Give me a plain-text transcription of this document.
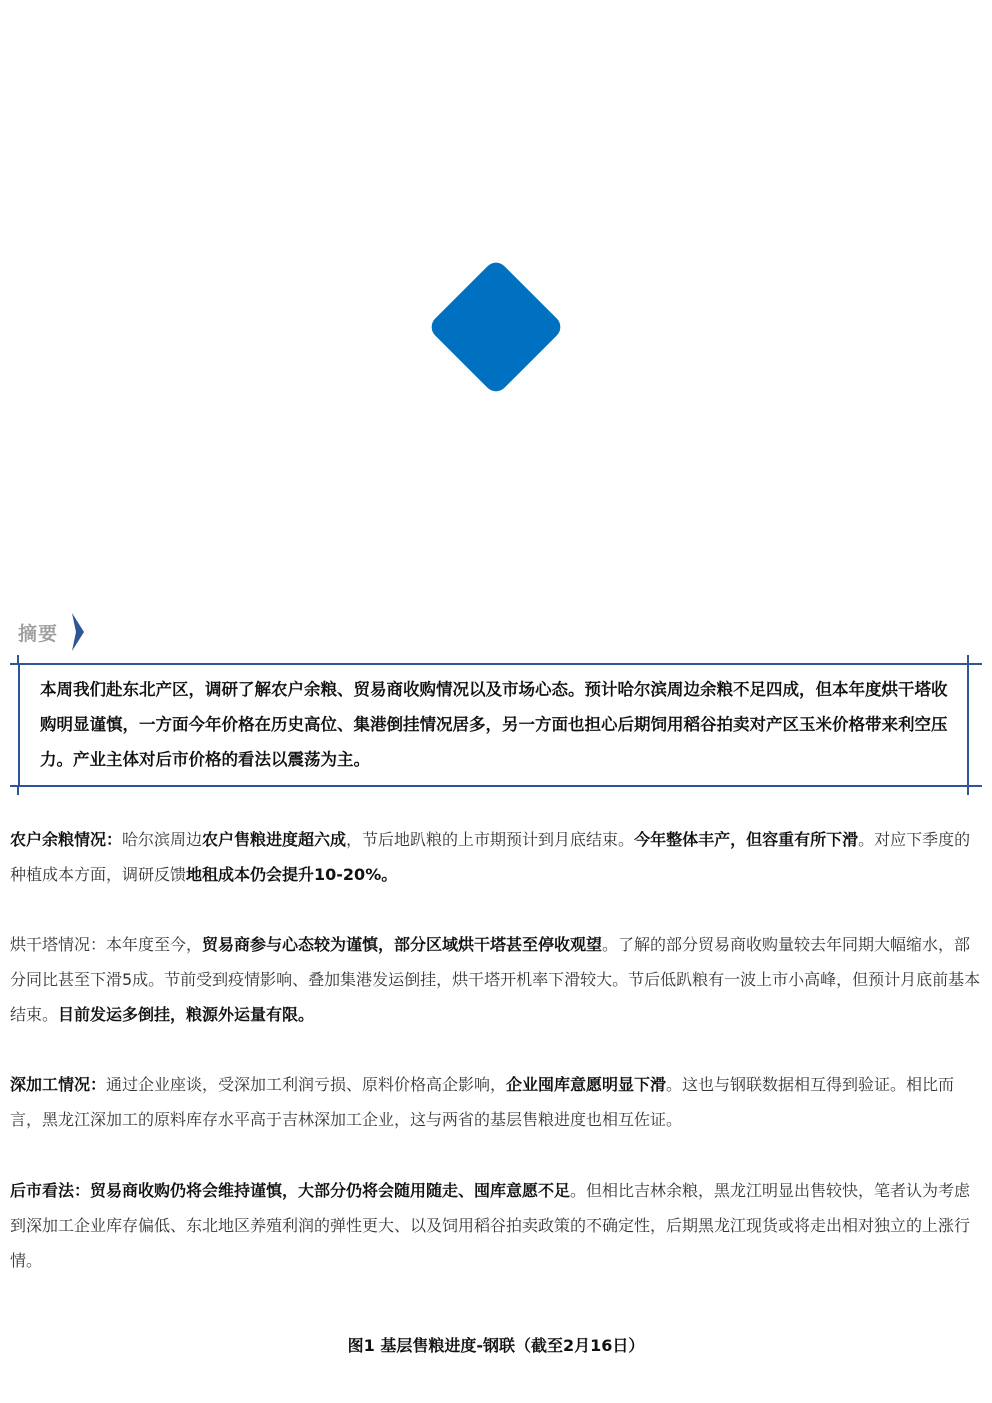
摘要

本周我们赴东北产区，调研了解农户余粮、贸易商收购情况以及市场心态。预计哈尔滨周边余粮不足四成，但本年度烘干塔收购明显谨慎，一方面今年价格在历史高位、集港倒挂情况居多，另一方面也担心后期饲用稻谷拍卖对产区玉米价格带来利空压力。产业主体对后市价格的看法以震荡为主。

农户余粮情况：哈尔滨周边农户售粮进度超六成，节后地趴粮的上市期预计到月底结束。今年整体丰产，但容重有所下滑。对应下季度的种植成本方面，调研反馈地租成本仍会提升10-20%。

烘干塔情况：本年度至今，贸易商参与心态较为谨慎，部分区域烘干塔甚至停收观望。了解的部分贸易商收购量较去年同期大幅缩水，部分同比甚至下滑5成。节前受到疫情影响、叠加集港发运倒挂，烘干塔开机率下滑较大。节后低趴粮有一波上市小高峰，但预计月底前基本结束。目前发运多倒挂，粮源外运量有限。

深加工情况：通过企业座谈，受深加工利润亏损、原料价格高企影响，企业囤库意愿明显下滑。这也与钢联数据相互得到验证。相比而言，黑龙江深加工的原料库存水平高于吉林深加工企业，这与两省的基层售粮进度也相互佐证。

后市看法：贸易商收购仍将会维持谨慎，大部分仍将会随用随走、囤库意愿不足。但相比吉林余粮，黑龙江明显出售较快，笔者认为考虑到深加工企业库存偏低、东北地区养殖利润的弹性更大、以及饲用稻谷拍卖政策的不确定性，后期黑龙江现货或将走出相对独立的上涨行情。

图1 基层售粮进度-钢联（截至2月16日）
